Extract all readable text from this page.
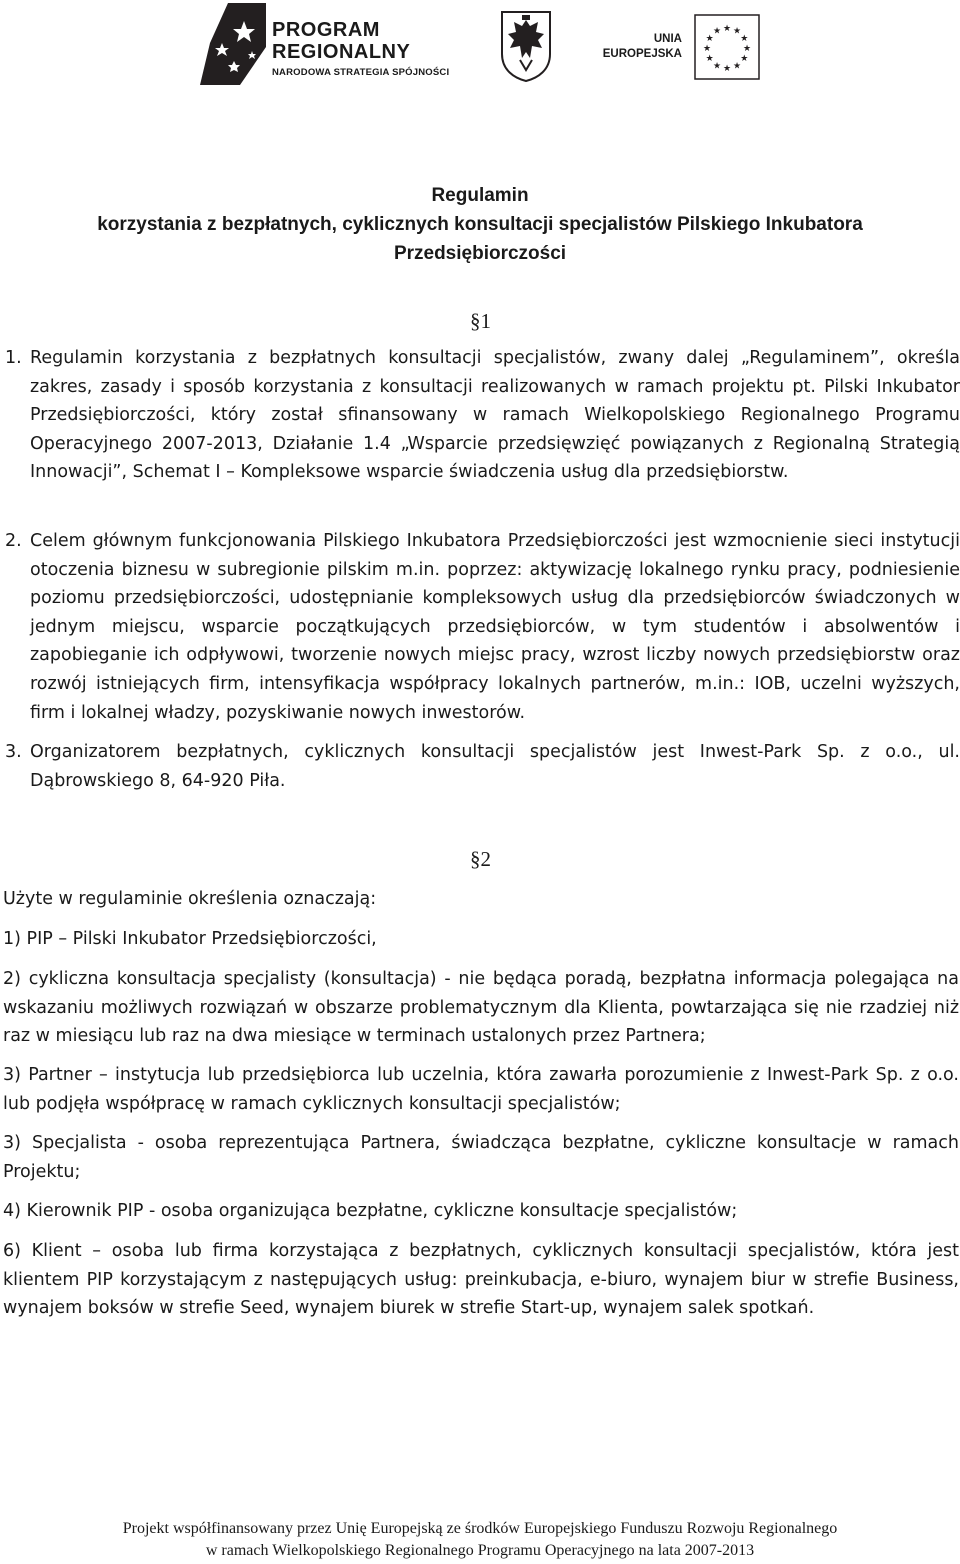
PROGRAM
REGIONALNY
NARODOWA STRATEGIA SPÓJNOŚCI
UNIA
EUROPEJSKA
★ ★
★
★
★
★
★
★
★
★
★
★
Regulamin
korzystania z bezpłatnych, cyklicznych konsultacji specjalistów Pilskiego Inkubatora
Przedsiębiorczości
§1
1. Regulamin korzystania z bezpłatnych konsultacji specjalistów, zwany dalej „Regulaminem”, określa zakres, zasady i sposób korzystania z konsultacji realizowanych w ramach projektu pt. Pilski Inkubator Przedsiębiorczości, który został sfinansowany w ramach Wielkopolskiego Regionalnego Programu Operacyjnego 2007-2013, Działanie 1.4 „Wsparcie przedsięwzięć powiązanych z Regionalną Strategią Innowacji”, Schemat I – Kompleksowe wsparcie świadczenia usług dla przedsiębiorstw.

2. Celem głównym funkcjonowania Pilskiego Inkubatora Przedsiębiorczości jest wzmocnienie sieci instytucji otoczenia biznesu w subregionie pilskim m.in. poprzez: aktywizację lokalnego rynku pracy, podniesienie poziomu przedsiębiorczości, udostępnianie kompleksowych usług dla przedsiębiorców świadczonych w jednym miejscu, wsparcie początkujących przedsiębiorców, w tym studentów i absolwentów i zapobieganie ich odpływowi, tworzenie nowych miejsc pracy, wzrost liczby nowych przedsiębiorstw oraz rozwój istniejących firm, intensyfikacja współpracy lokalnych partnerów, m.in.: IOB, uczelni wyższych, firm i lokalnej władzy, pozyskiwanie nowych inwestorów.

3. Organizatorem bezpłatnych, cyklicznych konsultacji specjalistów jest Inwest-Park Sp. z o.o., ul. Dąbrowskiego 8, 64-920 Piła.

§2
Użyte w regulaminie określenia oznaczają:
1) PIP – Pilski Inkubator Przedsiębiorczości,
2) cykliczna konsultacja specjalisty (konsultacja) - nie będąca poradą, bezpłatna informacja polegająca na wskazaniu możliwych rozwiązań w obszarze problematycznym dla Klienta, powtarzająca się nie rzadziej niż raz w miesiącu lub raz na dwa miesiące w terminach ustalonych przez Partnera;
3) Partner – instytucja lub przedsiębiorca lub uczelnia, która zawarła porozumienie z Inwest-Park Sp. z o.o. lub podjęła współpracę w ramach cyklicznych konsultacji specjalistów;
3) Specjalista - osoba reprezentująca Partnera, świadcząca bezpłatne, cykliczne konsultacje w ramach Projektu;
4) Kierownik PIP - osoba organizująca bezpłatne, cykliczne konsultacje specjalistów;
6) Klient – osoba lub firma korzystająca z bezpłatnych, cyklicznych konsultacji specjalistów, która jest klientem PIP korzystającym z następujących usług: preinkubacja, e-biuro, wynajem biur w strefie Business, wynajem boksów w strefie Seed, wynajem biurek w strefie Start-up, wynajem salek spotkań.
Projekt współfinansowany przez Unię Europejską ze środków Europejskiego Funduszu Rozwoju Regionalnego
w ramach Wielkopolskiego Regionalnego Programu Operacyjnego na lata 2007-2013
